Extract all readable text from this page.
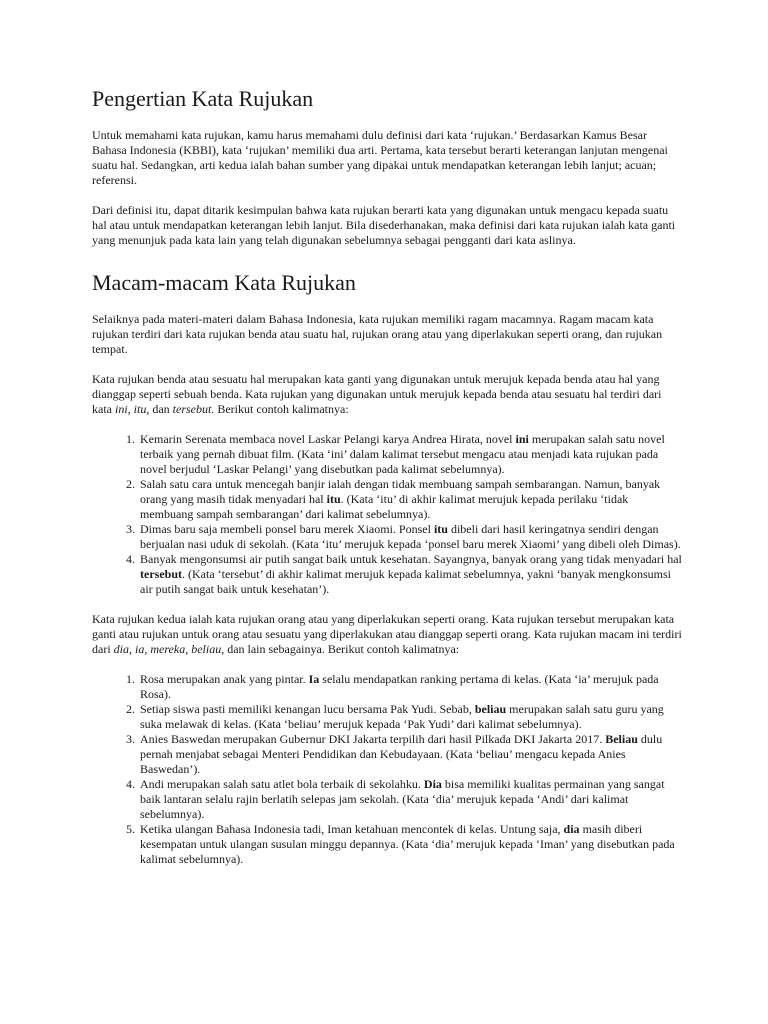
Pengertian Kata Rujukan

Untuk memahami kata rujukan, kamu harus memahami dulu definisi dari kata ‘rujukan.’ Berdasarkan Kamus Besar Bahasa Indonesia (KBBI), kata ‘rujukan’ memiliki dua arti. Pertama, kata tersebut berarti keterangan lanjutan mengenai suatu hal. Sedangkan, arti kedua ialah bahan sumber yang dipakai untuk mendapatkan keterangan lebih lanjut; acuan; referensi.

Dari definisi itu, dapat ditarik kesimpulan bahwa kata rujukan berarti kata yang digunakan untuk mengacu kepada suatu hal atau untuk mendapatkan keterangan lebih lanjut. Bila disederhanakan, maka definisi dari kata rujukan ialah kata ganti yang menunjuk pada kata lain yang telah digunakan sebelumnya sebagai pengganti dari kata aslinya.

Macam-macam Kata Rujukan

Selaiknya pada materi-materi dalam Bahasa Indonesia, kata rujukan memiliki ragam macamnya. Ragam macam kata rujukan terdiri dari kata rujukan benda atau suatu hal, rujukan orang atau yang diperlakukan seperti orang, dan rujukan tempat.

Kata rujukan benda atau sesuatu hal merupakan kata ganti yang digunakan untuk merujuk kepada benda atau hal yang dianggap seperti sebuah benda. Kata rujukan yang digunakan untuk merujuk kepada benda atau sesuatu hal terdiri dari kata ini, itu, dan tersebut. Berikut contoh kalimatnya:

1. Kemarin Serenata membaca novel Laskar Pelangi karya Andrea Hirata, novel ini merupakan salah satu novel terbaik yang pernah dibuat film. (Kata ‘ini’ dalam kalimat tersebut mengacu atau menjadi kata rujukan pada novel berjudul ‘Laskar Pelangi’ yang disebutkan pada kalimat sebelumnya).
2. Salah satu cara untuk mencegah banjir ialah dengan tidak membuang sampah sembarangan. Namun, banyak orang yang masih tidak menyadari hal itu. (Kata ‘itu’ di akhir kalimat merujuk kepada perilaku ‘tidak membuang sampah sembarangan’ dari kalimat sebelumnya).
3. Dimas baru saja membeli ponsel baru merek Xiaomi. Ponsel itu dibeli dari hasil keringatnya sendiri dengan berjualan nasi uduk di sekolah. (Kata ‘itu’ merujuk kepada ‘ponsel baru merek Xiaomi’ yang dibeli oleh Dimas).
4. Banyak mengonsumsi air putih sangat baik untuk kesehatan. Sayangnya, banyak orang yang tidak menyadari hal tersebut. (Kata ‘tersebut’ di akhir kalimat merujuk kepada kalimat sebelumnya, yakni ‘banyak mengkonsumsi air putih sangat baik untuk kesehatan’).

Kata rujukan kedua ialah kata rujukan orang atau yang diperlakukan seperti orang. Kata rujukan tersebut merupakan kata ganti atau rujukan untuk orang atau sesuatu yang diperlakukan atau dianggap seperti orang. Kata rujukan macam ini terdiri dari dia, ia, mereka, beliau, dan lain sebagainya. Berikut contoh kalimatnya:

1. Rosa merupakan anak yang pintar. Ia selalu mendapatkan ranking pertama di kelas. (Kata ‘ia’ merujuk pada Rosa).
2. Setiap siswa pasti memiliki kenangan lucu bersama Pak Yudi. Sebab, beliau merupakan salah satu guru yang suka melawak di kelas. (Kata ‘beliau’ merujuk kepada ‘Pak Yudi’ dari kalimat sebelumnya).
3. Anies Baswedan merupakan Gubernur DKI Jakarta terpilih dari hasil Pilkada DKI Jakarta 2017. Beliau dulu pernah menjabat sebagai Menteri Pendidikan dan Kebudayaan. (Kata ‘beliau’ mengacu kepada Anies Baswedan’).
4. Andi merupakan salah satu atlet bola terbaik di sekolahku. Dia bisa memiliki kualitas permainan yang sangat baik lantaran selalu rajin berlatih selepas jam sekolah. (Kata ‘dia’ merujuk kepada ‘Andi’ dari kalimat sebelumnya).
5. Ketika ulangan Bahasa Indonesia tadi, Iman ketahuan mencontek di kelas. Untung saja, dia masih diberi kesempatan untuk ulangan susulan minggu depannya. (Kata ‘dia’ merujuk kepada ‘Iman’ yang disebutkan pada kalimat sebelumnya).
